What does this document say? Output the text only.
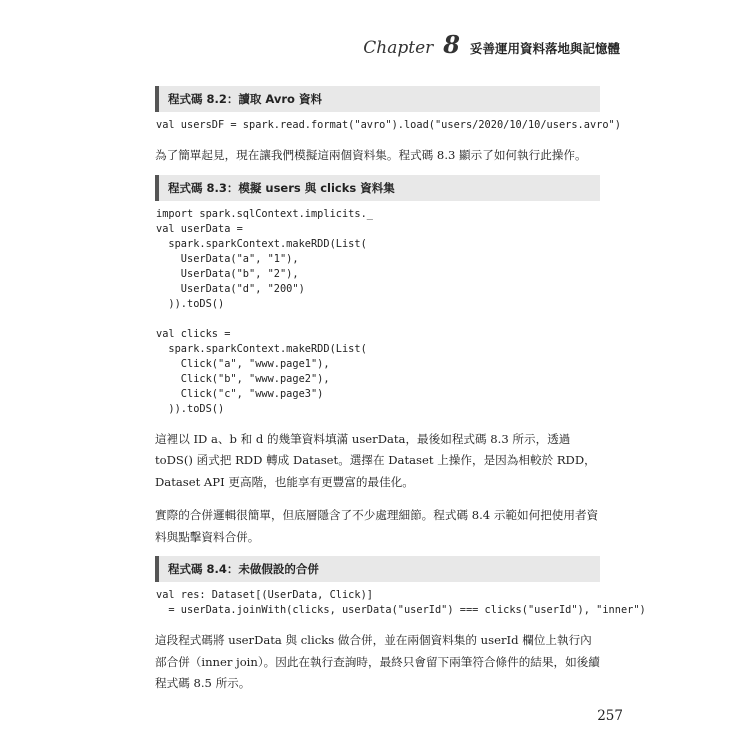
Chapter 8 妥善運用資料落地與記憶體
程式碼 8.2：讀取 Avro 資料
val usersDF = spark.read.format("avro").load("users/2020/10/10/users.avro")

為了簡單起見，現在讓我們模擬這兩個資料集。程式碼 8.3 顯示了如何執行此操作。

程式碼 8.3：模擬 users 與 clicks 資料集
import spark.sqlContext.implicits._
val userData =
spark.sparkContext.makeRDD(List(
UserData("a", "1"),
UserData("b", "2"),
UserData("d", "200")
)).toDS()

val clicks =
spark.sparkContext.makeRDD(List(
Click("a", "www.page1"),
Click("b", "www.page2"),
Click("c", "www.page3")
)).toDS()

這裡以 ID a、b 和 d 的幾筆資料填滿 userData，最後如程式碼 8.3 所示，透過 toDS() 函式把 RDD 轉成 Dataset。選擇在 Dataset 上操作，是因為相較於 RDD，Dataset API 更高階，也能享有更豐富的最佳化。

實際的合併邏輯很簡單，但底層隱含了不少處理細節。程式碼 8.4 示範如何把使用者資料與點擊資料合併。

程式碼 8.4：未做假設的合併
val res: Dataset[(UserData, Click)]
= userData.joinWith(clicks, userData("userId") === clicks("userId"), "inner")

這段程式碼將 userData 與 clicks 做合併，並在兩個資料集的 userId 欄位上執行內部合併（inner join）。因此在執行查詢時，最終只會留下兩筆符合條件的結果，如後續程式碼 8.5 所示。

257
